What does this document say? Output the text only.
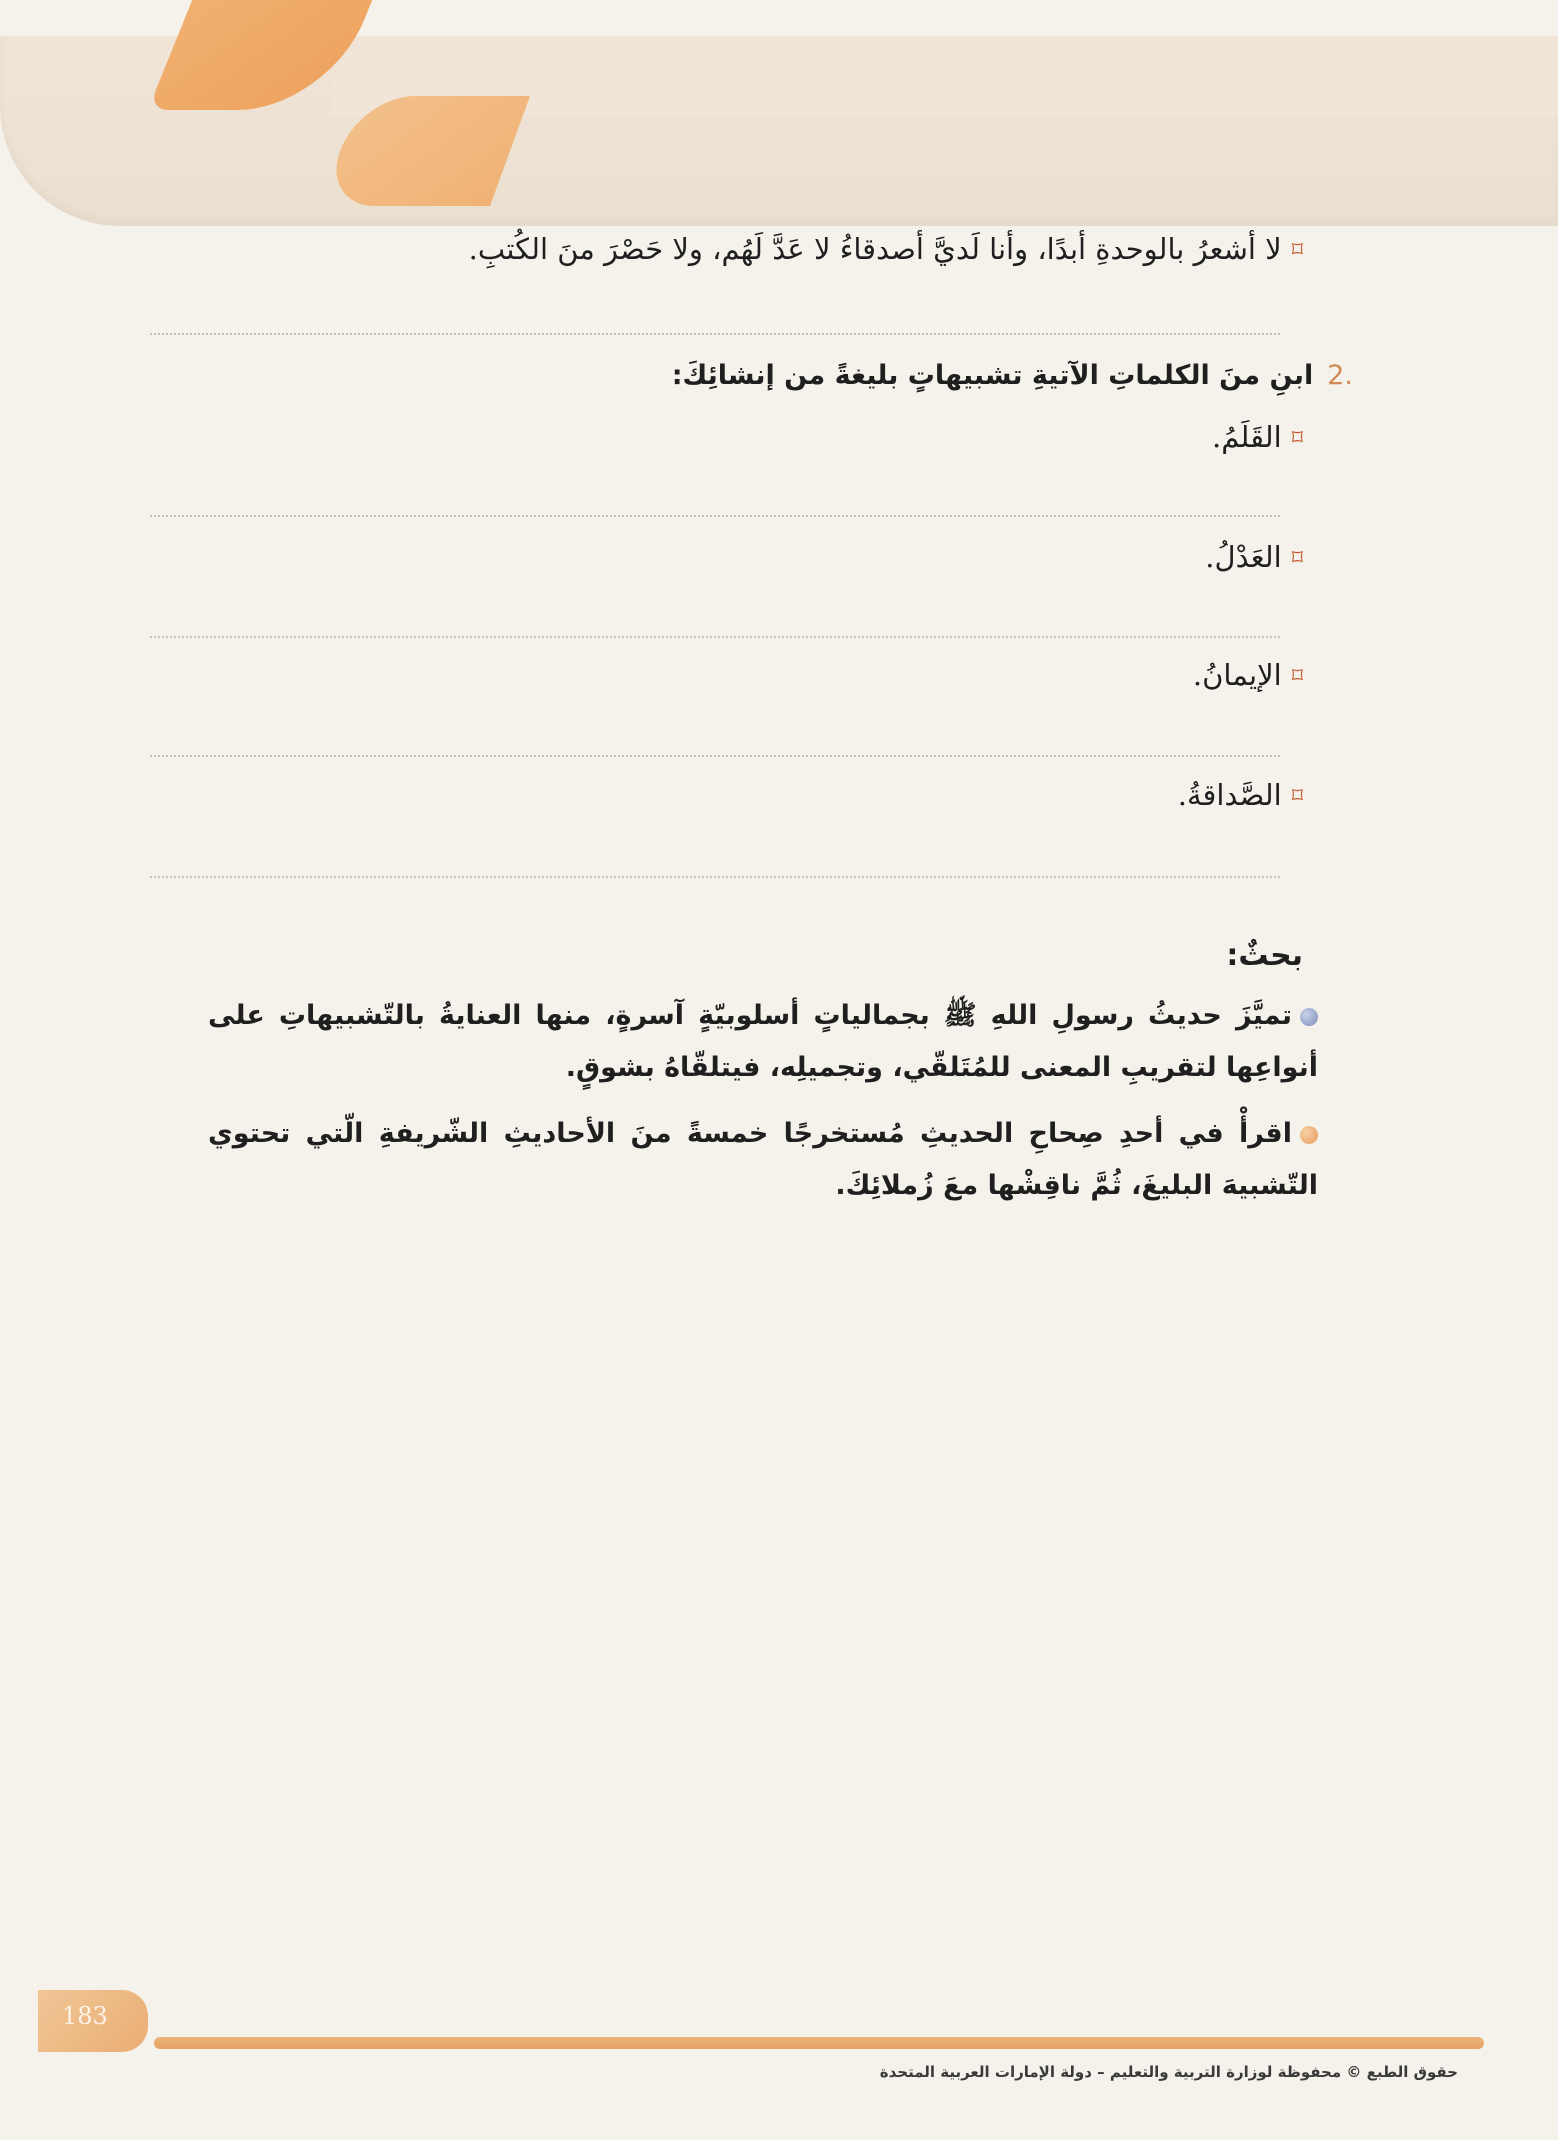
⌑لا أشعرُ بالوحدةِ أبدًا، وأنا لَديَّ أصدقاءُ لا عَدَّ لَهُم، ولا حَصْرَ منَ الكُتبِ.
.2ابنِ منَ الكلماتِ الآتيةِ تشبيهاتٍ بليغةً من إنشائِكَ:
⌑القَلَمُ.
⌑العَدْلُ.
⌑الإيمانُ.
⌑الصَّداقةُ.
بحثٌ:
تميَّزَ حديثُ رسولِ اللهِ ﷺ بجمالياتٍ أسلوبيّةٍ آسرةٍ، منها العنايةُ بالتّشبيهاتِ على أنواعِها لتقريبِ المعنى للمُتَلقّي، وتجميلِه، فيتلقّاهُ بشوقٍ.
اقرأْ في أحدِ صِحاحِ الحديثِ مُستخرجًا خمسةً منَ الأحاديثِ الشّريفةِ الّتي تحتوي التّشبيهَ البليغَ، ثُمَّ ناقِشْها معَ زُملائِكَ.
183
حقوق الطبع © محفوظة لوزارة التربية والتعليم – دولة الإمارات العربية المتحدة
